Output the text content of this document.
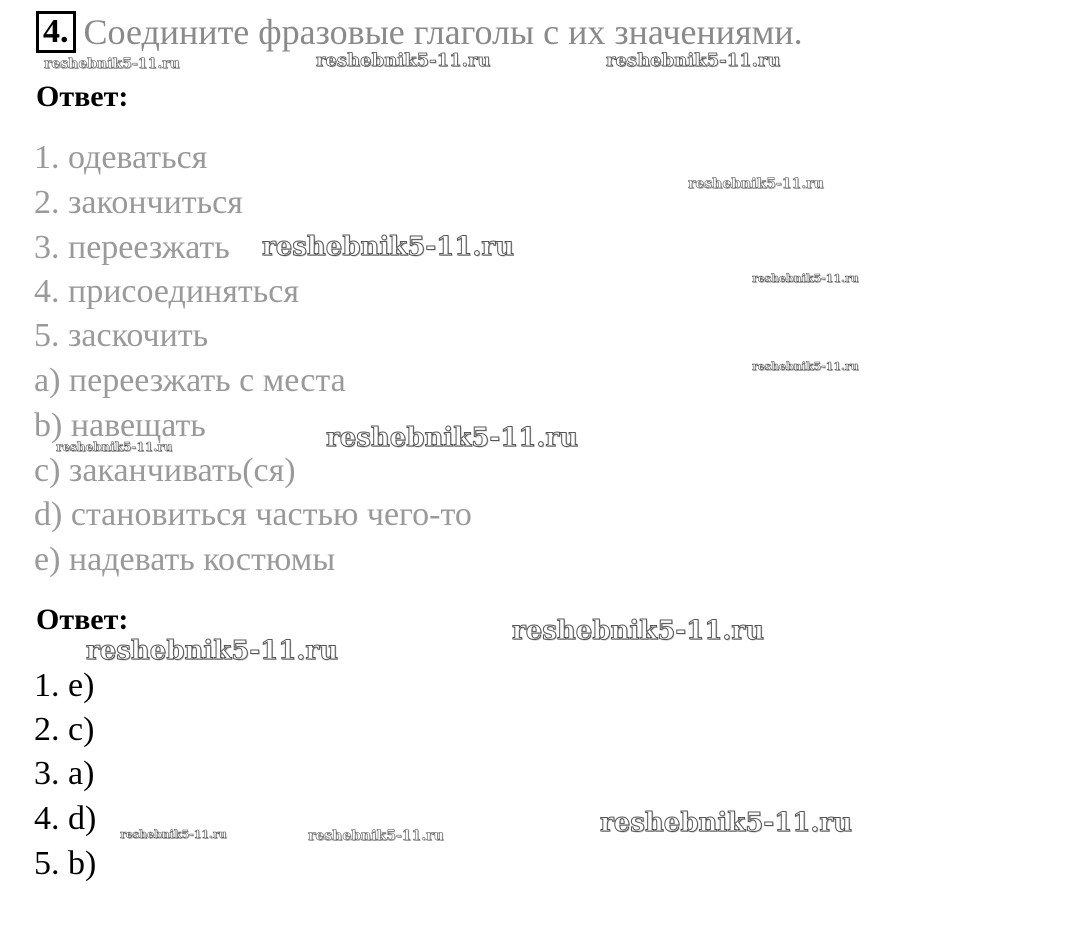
4. Соедините фразовые глаголы с их значениями.
Ответ:
1. одеваться
2. закончиться
3. переезжать
4. присоединяться
5. заскочить
a) переезжать с места
b) навещать
c) заканчивать(ся)
d) становиться частью чего-то
e) надевать костюмы
Ответ:
1. e)
2. c)
3. a)
4. d)
5. b)
reshebnik5-11.ru	reshebnik5-11.ru	reshebnik5-11.ru
reshebnik5-11.ru
reshebnik5-11.ru
reshebnik5-11.ru
reshebnik5-11.ru
reshebnik5-11.ru	reshebnik5-11.ru
reshebnik5-11.ru
reshebnik5-11.ru
reshebnik5-11.ru	reshebnik5-11.ru	reshebnik5-11.ru
